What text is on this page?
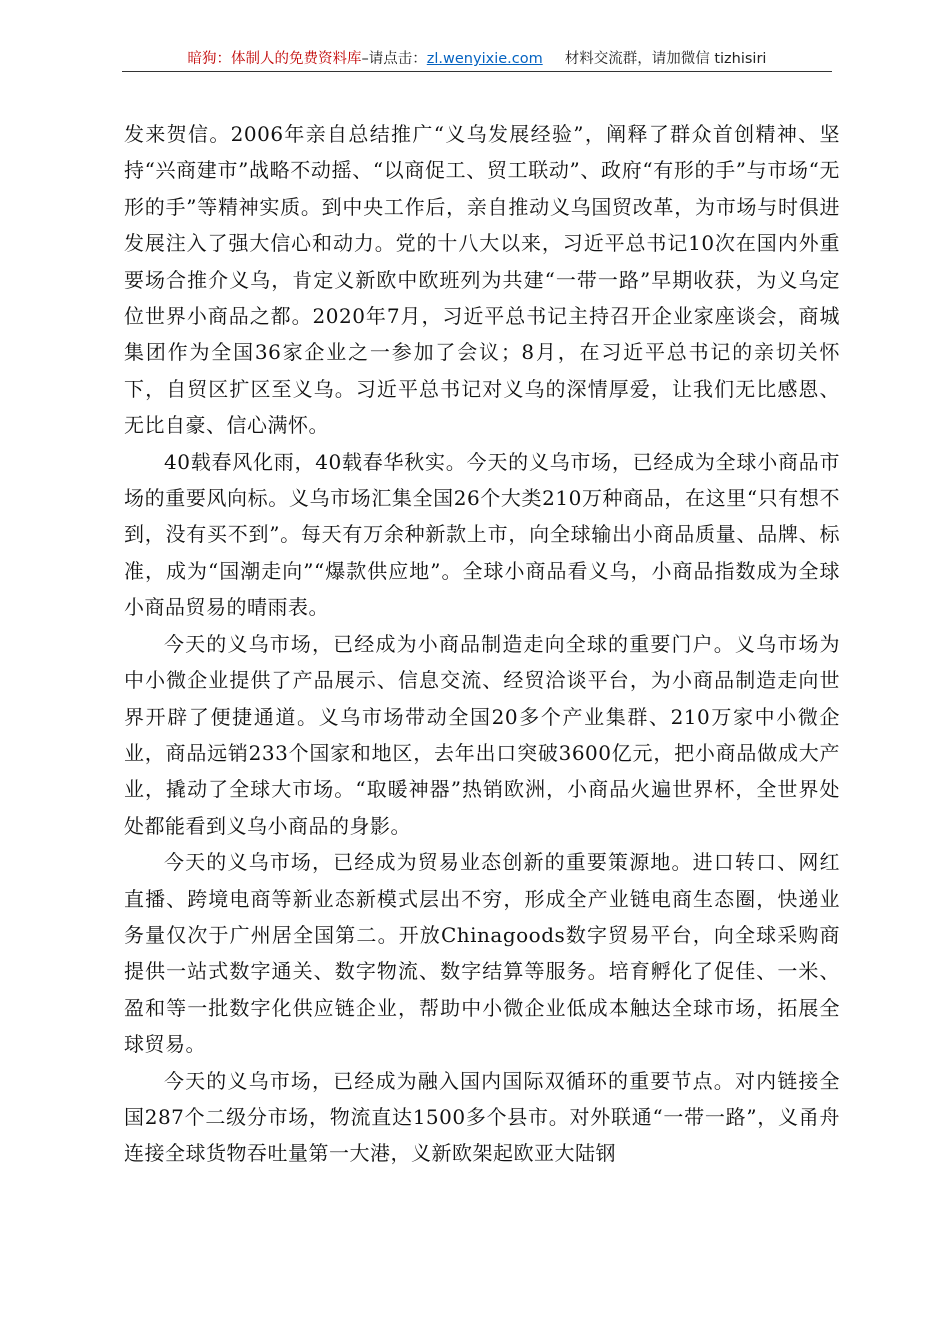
暗狗：体制人的免费资料库–请点击：zl.wenyixie.com 材料交流群，请加微信 tizhisiri

发来贺信。2006年亲自总结推广“义乌发展经验”，阐释了群众首创精神、坚持“兴商建市”战略不动摇、“以商促工、贸工联动”、政府“有形的手”与市场“无形的手”等精神实质。到中央工作后，亲自推动义乌国贸改革，为市场与时俱进发展注入了强大信心和动力。党的十八大以来，习近平总书记10次在国内外重要场合推介义乌，肯定义新欧中欧班列为共建“一带一路”早期收获，为义乌定位世界小商品之都。2020年7月，习近平总书记主持召开企业家座谈会，商城集团作为全国36家企业之一参加了会议；8月，在习近平总书记的亲切关怀下，自贸区扩区至义乌。习近平总书记对义乌的深情厚爱，让我们无比感恩、无比自豪、信心满怀。

40载春风化雨，40载春华秋实。今天的义乌市场，已经成为全球小商品市场的重要风向标。义乌市场汇集全国26个大类210万种商品，在这里“只有想不到，没有买不到”。每天有万余种新款上市，向全球输出小商品质量、品牌、标准，成为“国潮走向”“爆款供应地”。全球小商品看义乌，小商品指数成为全球小商品贸易的晴雨表。

今天的义乌市场，已经成为小商品制造走向全球的重要门户。义乌市场为中小微企业提供了产品展示、信息交流、经贸洽谈平台，为小商品制造走向世界开辟了便捷通道。义乌市场带动全国20多个产业集群、210万家中小微企业，商品远销233个国家和地区，去年出口突破3600亿元，把小商品做成大产业，撬动了全球大市场。“取暖神器”热销欧洲，小商品火遍世界杯，全世界处处都能看到义乌小商品的身影。

今天的义乌市场，已经成为贸易业态创新的重要策源地。进口转口、网红直播、跨境电商等新业态新模式层出不穷，形成全产业链电商生态圈，快递业务量仅次于广州居全国第二。开放Chinagoods数字贸易平台，向全球采购商提供一站式数字通关、数字物流、数字结算等服务。培育孵化了促佳、一米、盈和等一批数字化供应链企业，帮助中小微企业低成本触达全球市场，拓展全球贸易。

今天的义乌市场，已经成为融入国内国际双循环的重要节点。对内链接全国287个二级分市场，物流直达1500多个县市。对外联通“一带一路”，义甬舟连接全球货物吞吐量第一大港，义新欧架起欧亚大陆钢
